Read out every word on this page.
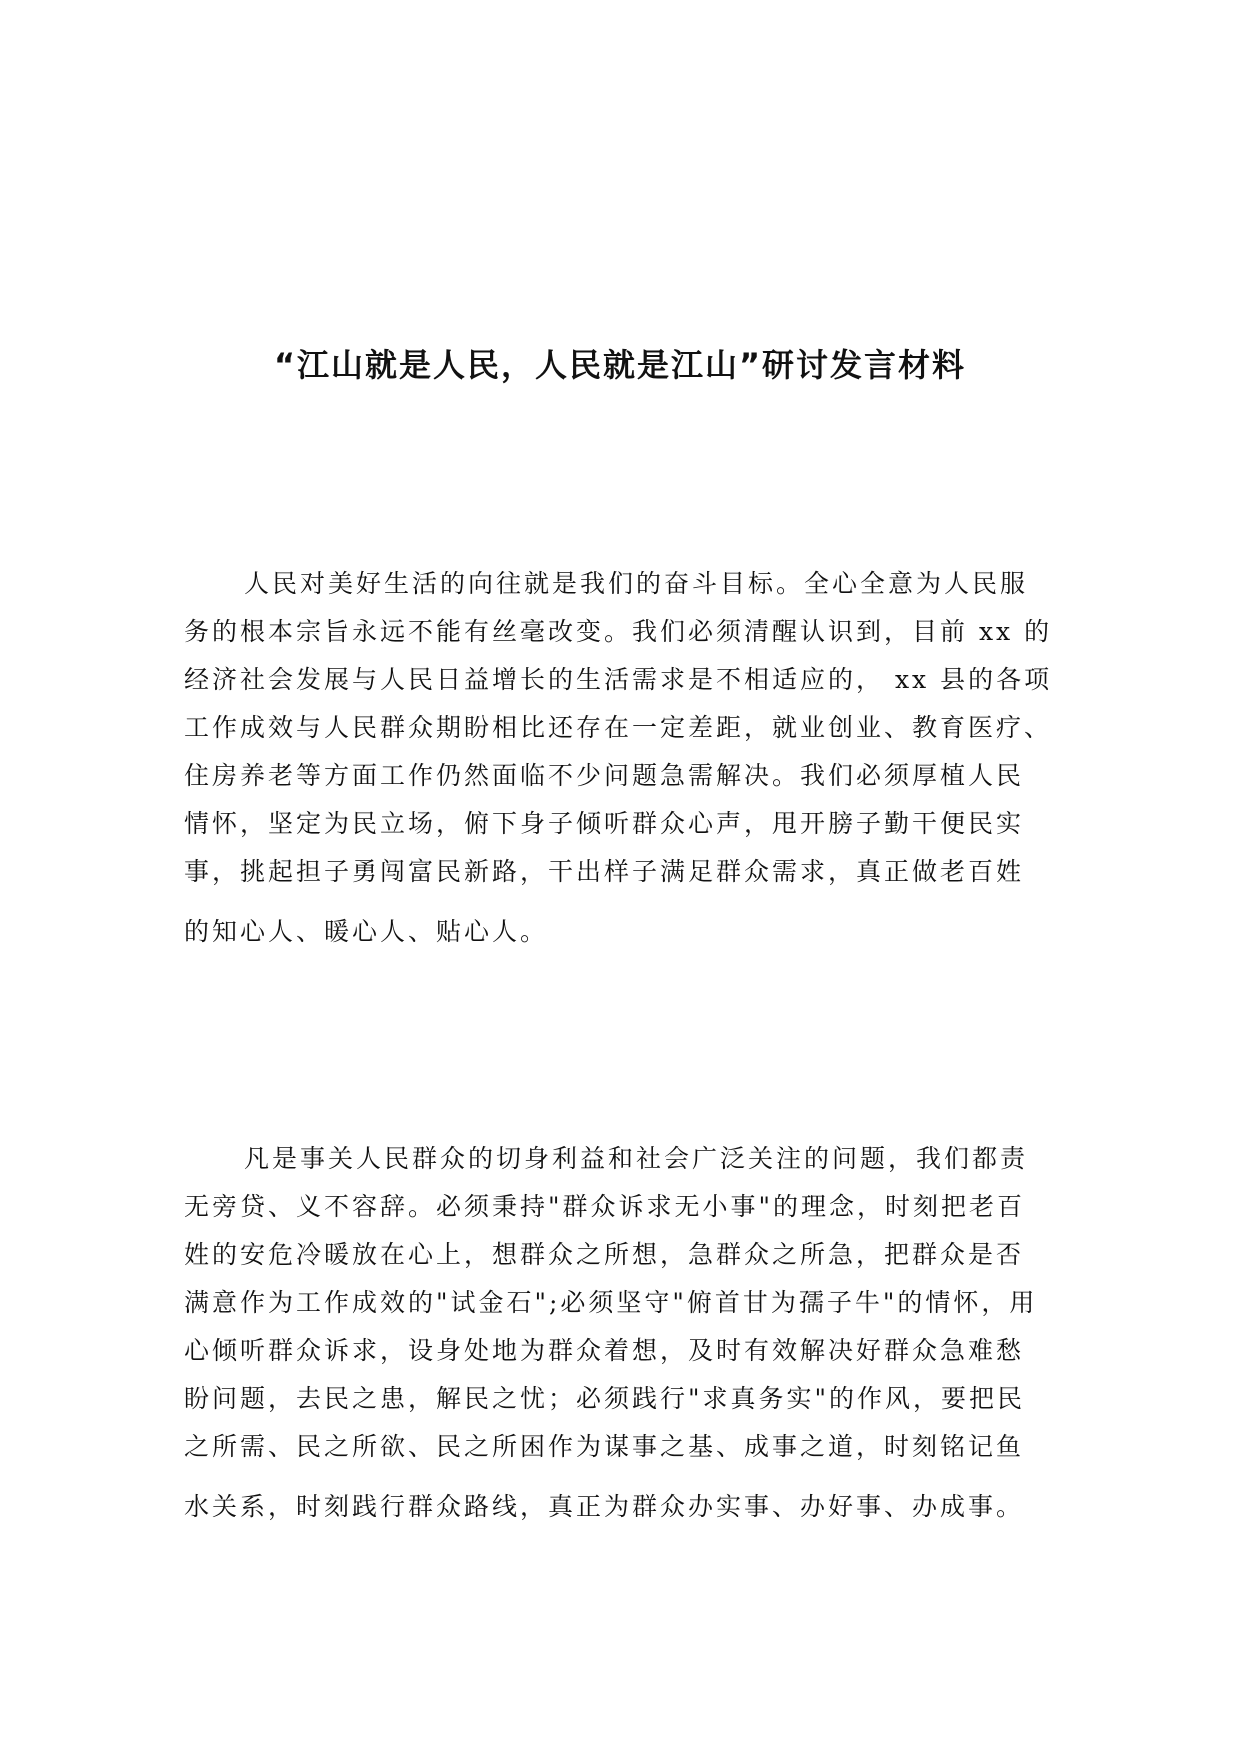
“江山就是人民，人民就是江山”研讨发言材料
人民对美好生活的向往就是我们的奋斗目标。全心全意为人民服
务的根本宗旨永远不能有丝毫改变。我们必须清醒认识到，目前 xx 的
经济社会发展与人民日益增长的生活需求是不相适应的， xx 县的各项
工作成效与人民群众期盼相比还存在一定差距，就业创业、教育医疗、
住房养老等方面工作仍然面临不少问题急需解决。我们必须厚植人民
情怀，坚定为民立场，俯下身子倾听群众心声，甩开膀子勤干便民实
事，挑起担子勇闯富民新路，干出样子满足群众需求，真正做老百姓
的知心人、暖心人、贴心人。
凡是事关人民群众的切身利益和社会广泛关注的问题，我们都责
无旁贷、义不容辞。必须秉持"群众诉求无小事"的理念，时刻把老百
姓的安危冷暖放在心上，想群众之所想，急群众之所急，把群众是否
满意作为工作成效的"试金石";必须坚守"俯首甘为孺子牛"的情怀，用
心倾听群众诉求，设身处地为群众着想，及时有效解决好群众急难愁
盼问题，去民之患，解民之忧；必须践行"求真务实"的作风，要把民
之所需、民之所欲、民之所困作为谋事之基、成事之道，时刻铭记鱼
水关系，时刻践行群众路线，真正为群众办实事、办好事、办成事。
